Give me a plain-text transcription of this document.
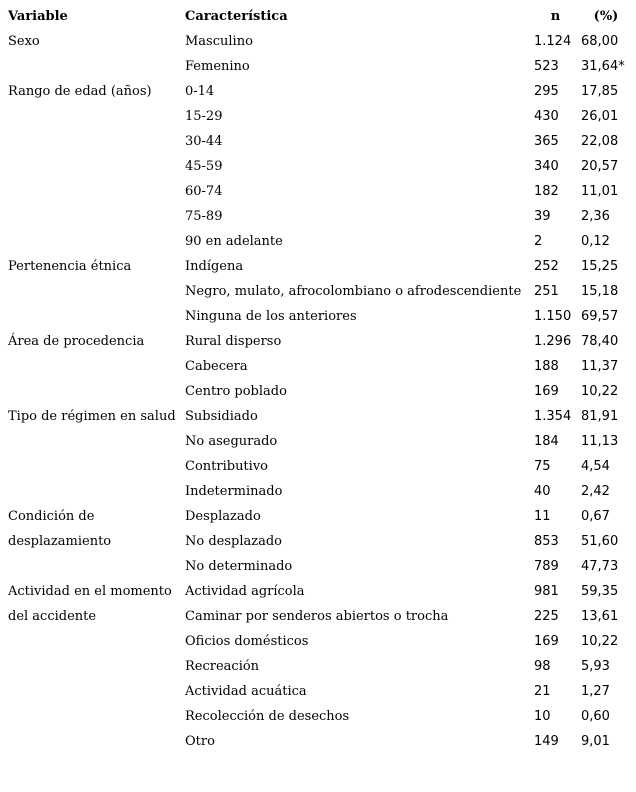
Variable	Característica	n	(%)
Sexo	Masculino	1.124	68,00
	Femenino	523	31,64*
Rango de edad (años)	0-14	295	17,85
	15-29	430	26,01
	30-44	365	22,08
	45-59	340	20,57
	60-74	182	11,01
	75-89	39	2,36
	90 en adelante	2	0,12
Pertenencia étnica	Indígena	252	15,25
	Negro, mulato, afrocolombiano o afrodescendiente	251	15,18
	Ninguna de los anteriores	1.150	69,57
Área de procedencia	Rural disperso	1.296	78,40
	Cabecera	188	11,37
	Centro poblado	169	10,22
Tipo de régimen en salud	Subsidiado	1.354	81,91
	No asegurado	184	11,13
	Contributivo	75	4,54
	Indeterminado	40	2,42
Condición de	Desplazado	11	0,67
desplazamiento	No desplazado	853	51,60
	No determinado	789	47,73
Actividad en el momento	Actividad agrícola	981	59,35
del accidente	Caminar por senderos abiertos o trocha	225	13,61
	Oficios domésticos	169	10,22
	Recreación	98	5,93
	Actividad acuática	21	1,27
	Recolección de desechos	10	0,60
	Otro	149	9,01
